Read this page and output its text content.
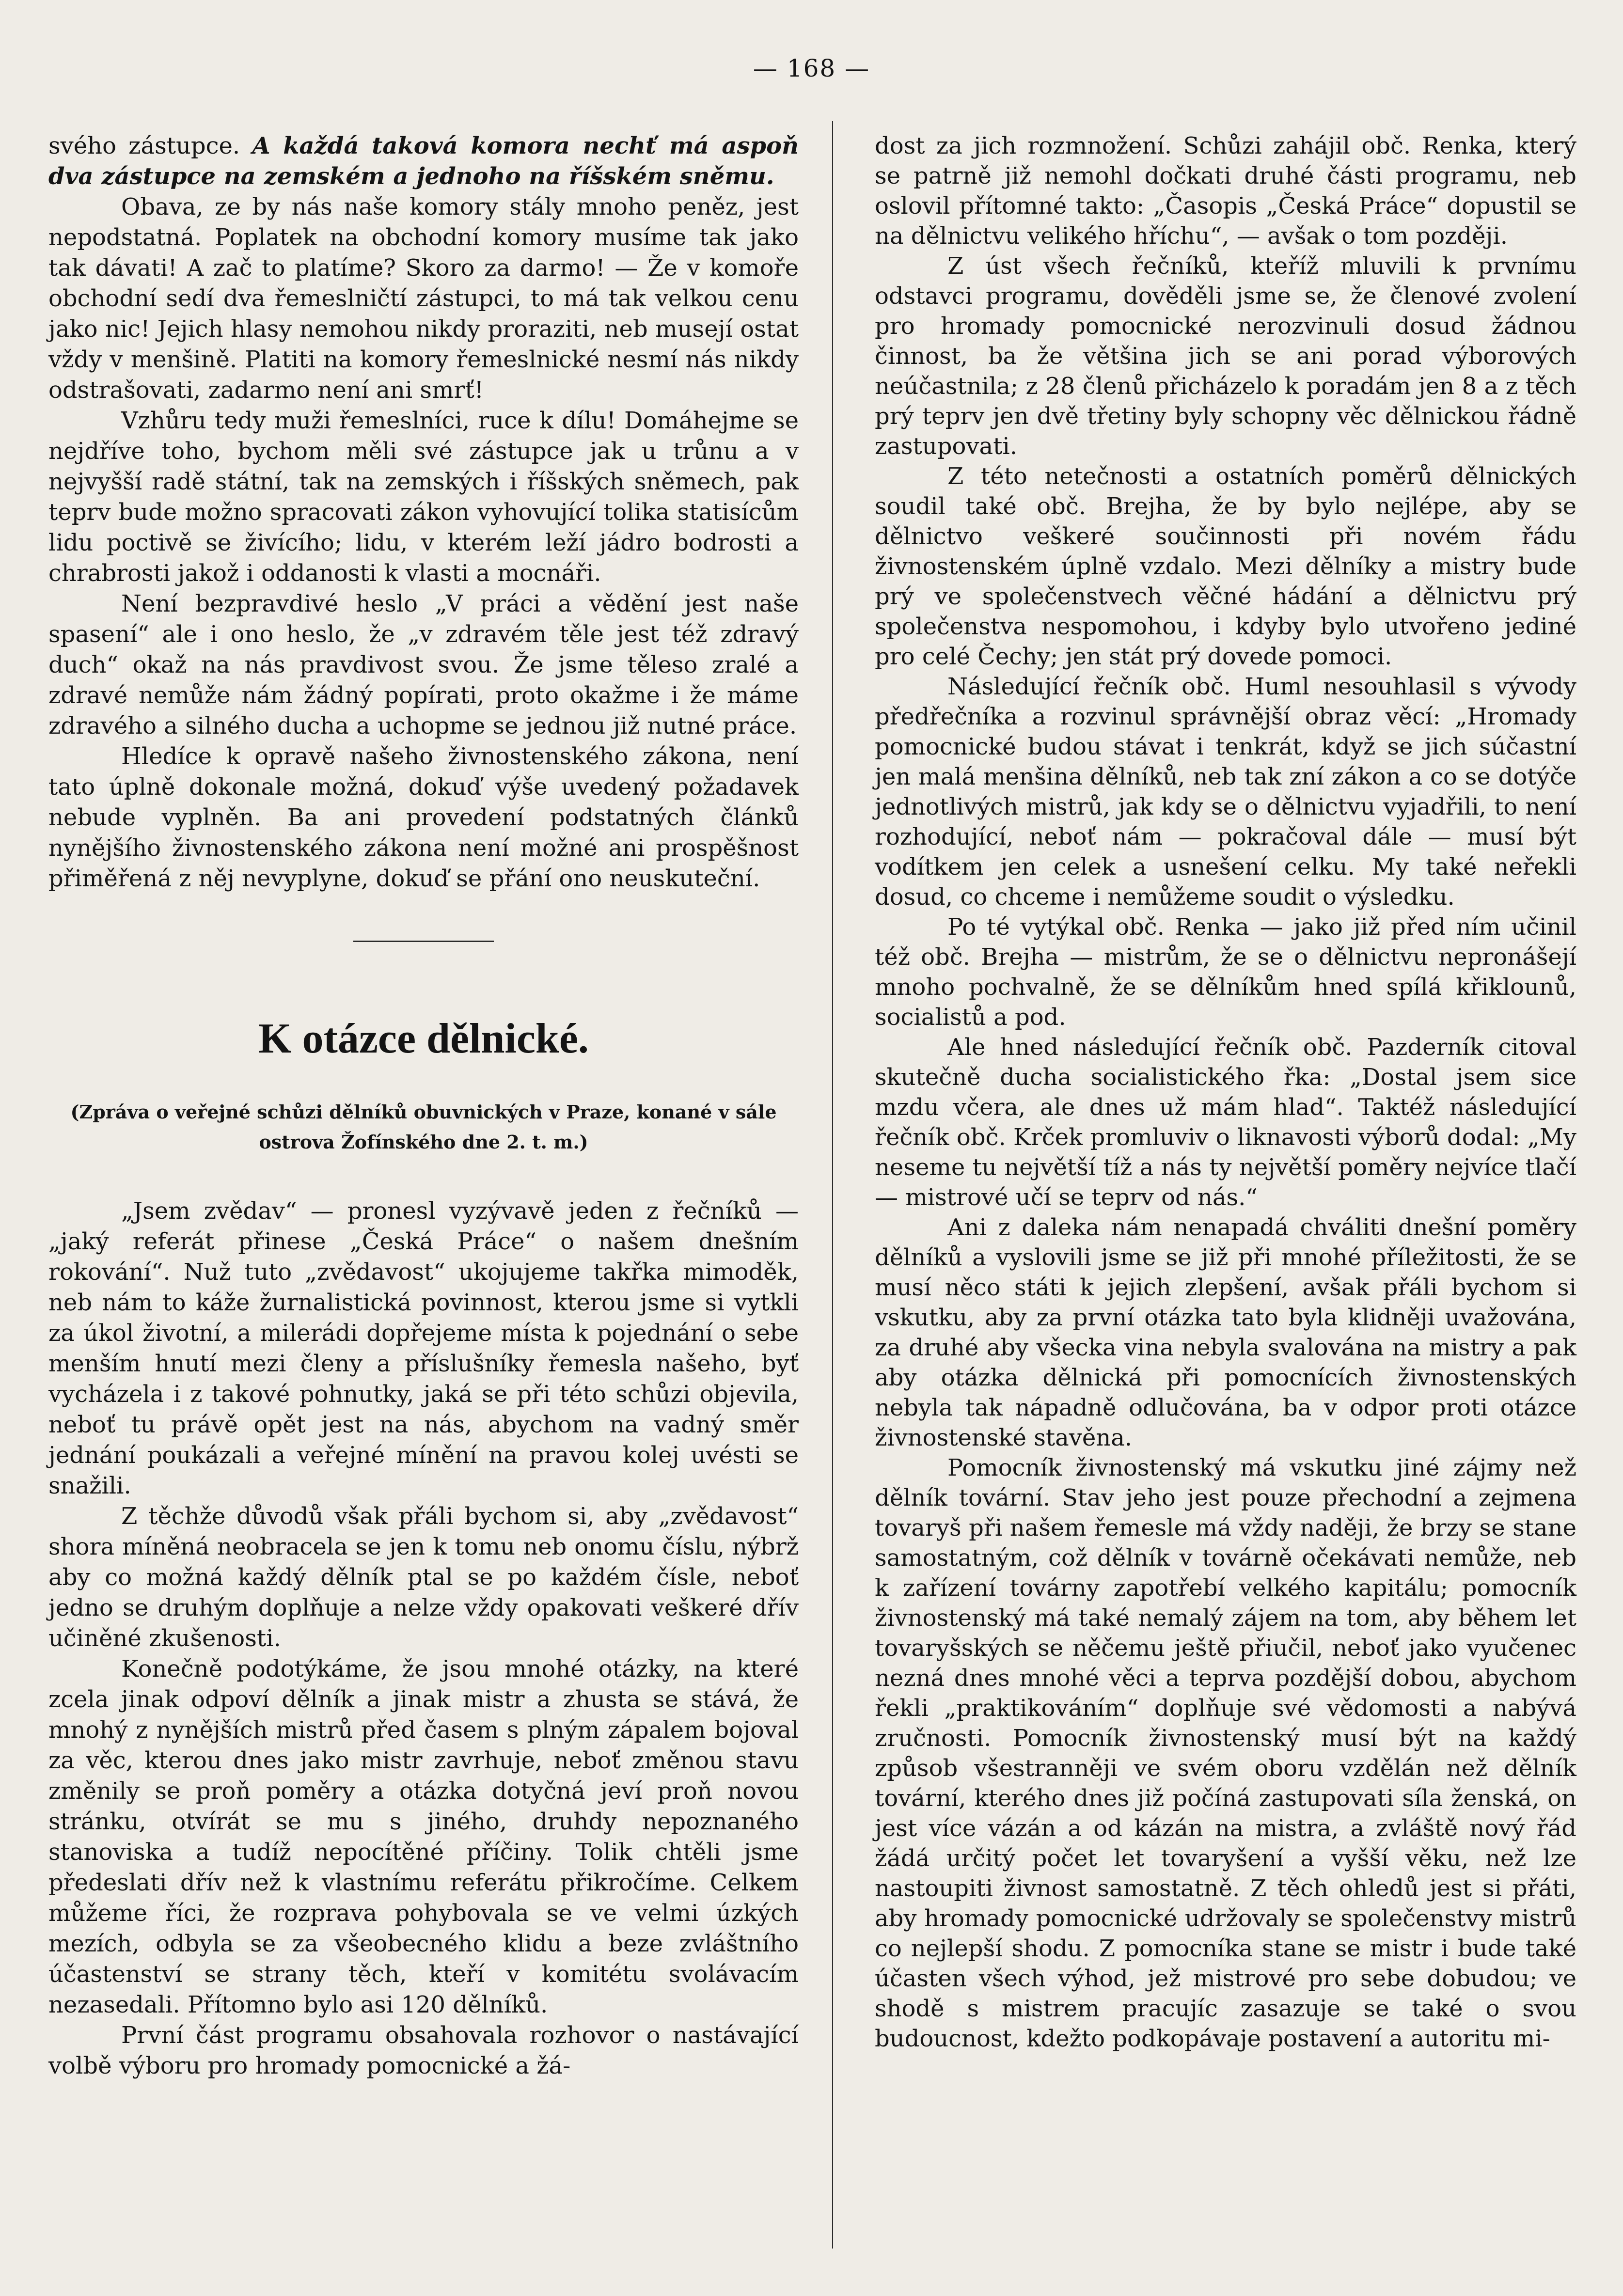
— 168 —

svého zástupce. A každá taková komora nechť má aspoň dva zástupce na zemském a jednoho na říšském sněmu.

Obava, ze by nás naše komory stály mnoho peněz, jest nepodstatná. Poplatek na obchodní komory musíme tak jako tak dávati! A zač to platíme? Skoro za darmo! — Že v komoře obchodní sedí dva řemeslničtí zástupci, to má tak velkou cenu jako nic! Jejich hlasy nemohou nikdy proraziti, neb musejí ostat vždy v menšině. Platiti na komory řemeslnické nesmí nás nikdy odstrašovati, zadarmo není ani smrť!

Vzhůru tedy muži řemeslníci, ruce k dílu! Domáhejme se nejdříve toho, bychom měli své zástupce jak u trůnu a v nejvyšší radě státní, tak na zemských i říšských sněmech, pak teprv bude možno spracovati zákon vyhovující tolika statisícům lidu poctivě se živícího; lidu, v kterém leží jádro bodrosti a chrabrosti jakož i oddanosti k vlasti a mocnáři.

Není bezpravdivé heslo „V práci a vědění jest naše spasení“ ale i ono heslo, že „v zdravém těle jest též zdravý duch“ okaž na nás pravdivost svou. Že jsme těleso zralé a zdravé nemůže nám žádný popírati, proto okažme i že máme zdravého a silného ducha a uchopme se jednou již nutné práce.

Hledíce k opravě našeho živnostenského zákona, není tato úplně dokonale možná, dokuď výše uvedený požadavek nebude vyplněn. Ba ani provedení podstatných článků nynějšího živnostenského zákona není možné ani prospěšnost přiměřená z něj nevyplyne, dokuď se přání ono neuskuteční.

K otázce dělnické.
(Zpráva o veřejné schůzi dělníků obuvnických v Praze, konané v sále ostrova Žofínského dne 2. t. m.)

„Jsem zvědav“ — pronesl vyzývavě jeden z řečníků — „jaký referát přinese „Česká Práce“ o našem dnešním rokování“. Nuž tuto „zvědavost“ ukojujeme takřka mimoděk, neb nám to káže žurnalistická povinnost, kterou jsme si vytkli za úkol životní, a milerádi dopřejeme místa k pojednání o sebe menším hnutí mezi členy a příslušníky řemesla našeho, byť vycházela i z takové pohnutky, jaká se při této schůzi objevila, neboť tu právě opět jest na nás, abychom na vadný směr jednání poukázali a veřejné mínění na pravou kolej uvésti se snažili.

Z těchže důvodů však přáli bychom si, aby „zvědavost“ shora míněná neobracela se jen k tomu neb onomu číslu, nýbrž aby co možná každý dělník ptal se po každém čísle, neboť jedno se druhým doplňuje a nelze vždy opakovati veškeré dřív učiněné zkušenosti.

Konečně podotýkáme, že jsou mnohé otázky, na které zcela jinak odpoví dělník a jinak mistr a zhusta se stává, že mnohý z nynějších mistrů před časem s plným zápalem bojoval za věc, kterou dnes jako mistr zavrhuje, neboť změnou stavu změnily se proň poměry a otázka dotyčná jeví proň novou stránku, otvírát se mu s jiného, druhdy nepoznaného stanoviska a tudíž nepocítěné příčiny. Tolik chtěli jsme předeslati dřív než k vlastnímu referátu přikročíme. Celkem můžeme říci, že rozprava pohybovala se ve velmi úzkých mezích, odbyla se za všeobecného klidu a beze zvláštního účastenství se strany těch, kteří v komitétu svolávacím nezasedali. Přítomno bylo asi 120 dělníků.

První část programu obsahovala rozhovor o nastávající volbě výboru pro hromady pomocnické a žá-

dost za jich rozmnožení. Schůzi zahájil obč. Renka, který se patrně již nemohl dočkati druhé části programu, neb oslovil přítomné takto: „Časopis „Česká Práce“ dopustil se na dělnictvu velikého hříchu“, — avšak o tom později.

Z úst všech řečníků, kteříž mluvili k prvnímu odstavci programu, dověděli jsme se, že členové zvolení pro hromady pomocnické nerozvinuli dosud žádnou činnost, ba že většina jich se ani porad výborových neúčastnila; z 28 členů přicházelo k poradám jen 8 a z těch prý teprv jen dvě třetiny byly schopny věc dělnickou řádně zastupovati.

Z této netečnosti a ostatních poměrů dělnických soudil také obč. Brejha, že by bylo nejlépe, aby se dělnictvo veškeré součinnosti při novém řádu živnostenském úplně vzdalo. Mezi dělníky a mistry bude prý ve společenstvech věčné hádání a dělnictvu prý společenstva nespomohou, i kdyby bylo utvořeno jediné pro celé Čechy; jen stát prý dovede pomoci.

Následující řečník obč. Huml nesouhlasil s vývody předřečníka a rozvinul správnější obraz věcí: „Hromady pomocnické budou stávat i tenkrát, když se jich súčastní jen malá menšina dělníků, neb tak zní zákon a co se dotýče jednotlivých mistrů, jak kdy se o dělnictvu vyjadřili, to není rozhodující, neboť nám — pokračoval dále — musí být vodítkem jen celek a usnešení celku. My také neřekli dosud, co chceme i nemůžeme soudit o výsledku.

Po té vytýkal obč. Renka — jako již před ním učinil též obč. Brejha — mistrům, že se o dělnictvu nepronášejí mnoho pochvalně, že se dělníkům hned spílá křiklounů, socialistů a pod.

Ale hned následující řečník obč. Pazderník citoval skutečně ducha socialistického řka: „Dostal jsem sice mzdu včera, ale dnes už mám hlad“. Taktéž následující řečník obč. Krček promluviv o liknavosti výborů dodal: „My neseme tu největší tíž a nás ty největší poměry nejvíce tlačí — mistrové učí se teprv od nás.“

Ani z daleka nám nenapadá chváliti dnešní poměry dělníků a vyslovili jsme se již při mnohé příležitosti, že se musí něco státi k jejich zlepšení, avšak přáli bychom si vskutku, aby za první otázka tato byla klidněji uvažována, za druhé aby všecka vina nebyla svalována na mistry a pak aby otázka dělnická při pomocnících živnostenských nebyla tak nápadně odlučována, ba v odpor proti otázce živnostenské stavěna.

Pomocník živnostenský má vskutku jiné zájmy než dělník tovární. Stav jeho jest pouze přechodní a zejmena tovaryš při našem řemesle má vždy naději, že brzy se stane samostatným, což dělník v továrně očekávati nemůže, neb k zařízení továrny zapotřebí velkého kapitálu; pomocník živnostenský má také nemalý zájem na tom, aby během let tovaryšských se něčemu ještě přiučil, neboť jako vyučenec nezná dnes mnohé věci a teprva pozdější dobou, abychom řekli „praktikováním“ doplňuje své vědomosti a nabývá zručnosti. Pomocník živnostenský musí být na každý způsob všestranněji ve svém oboru vzdělán než dělník tovární, kterého dnes již počíná zastupovati síla ženská, on jest více vázán a od kázán na mistra, a zvláště nový řád žádá určitý počet let tovaryšení a vyšší věku, než lze nastoupiti živnost samostatně. Z těch ohledů jest si přáti, aby hromady pomocnické udržovaly se společenstvy mistrů co nejlepší shodu. Z pomocníka stane se mistr i bude také účasten všech výhod, jež mistrové pro sebe dobudou; ve shodě s mistrem pracujíc zasazuje se také o svou budoucnost, kdežto podkopávaje postavení a autoritu mi-
